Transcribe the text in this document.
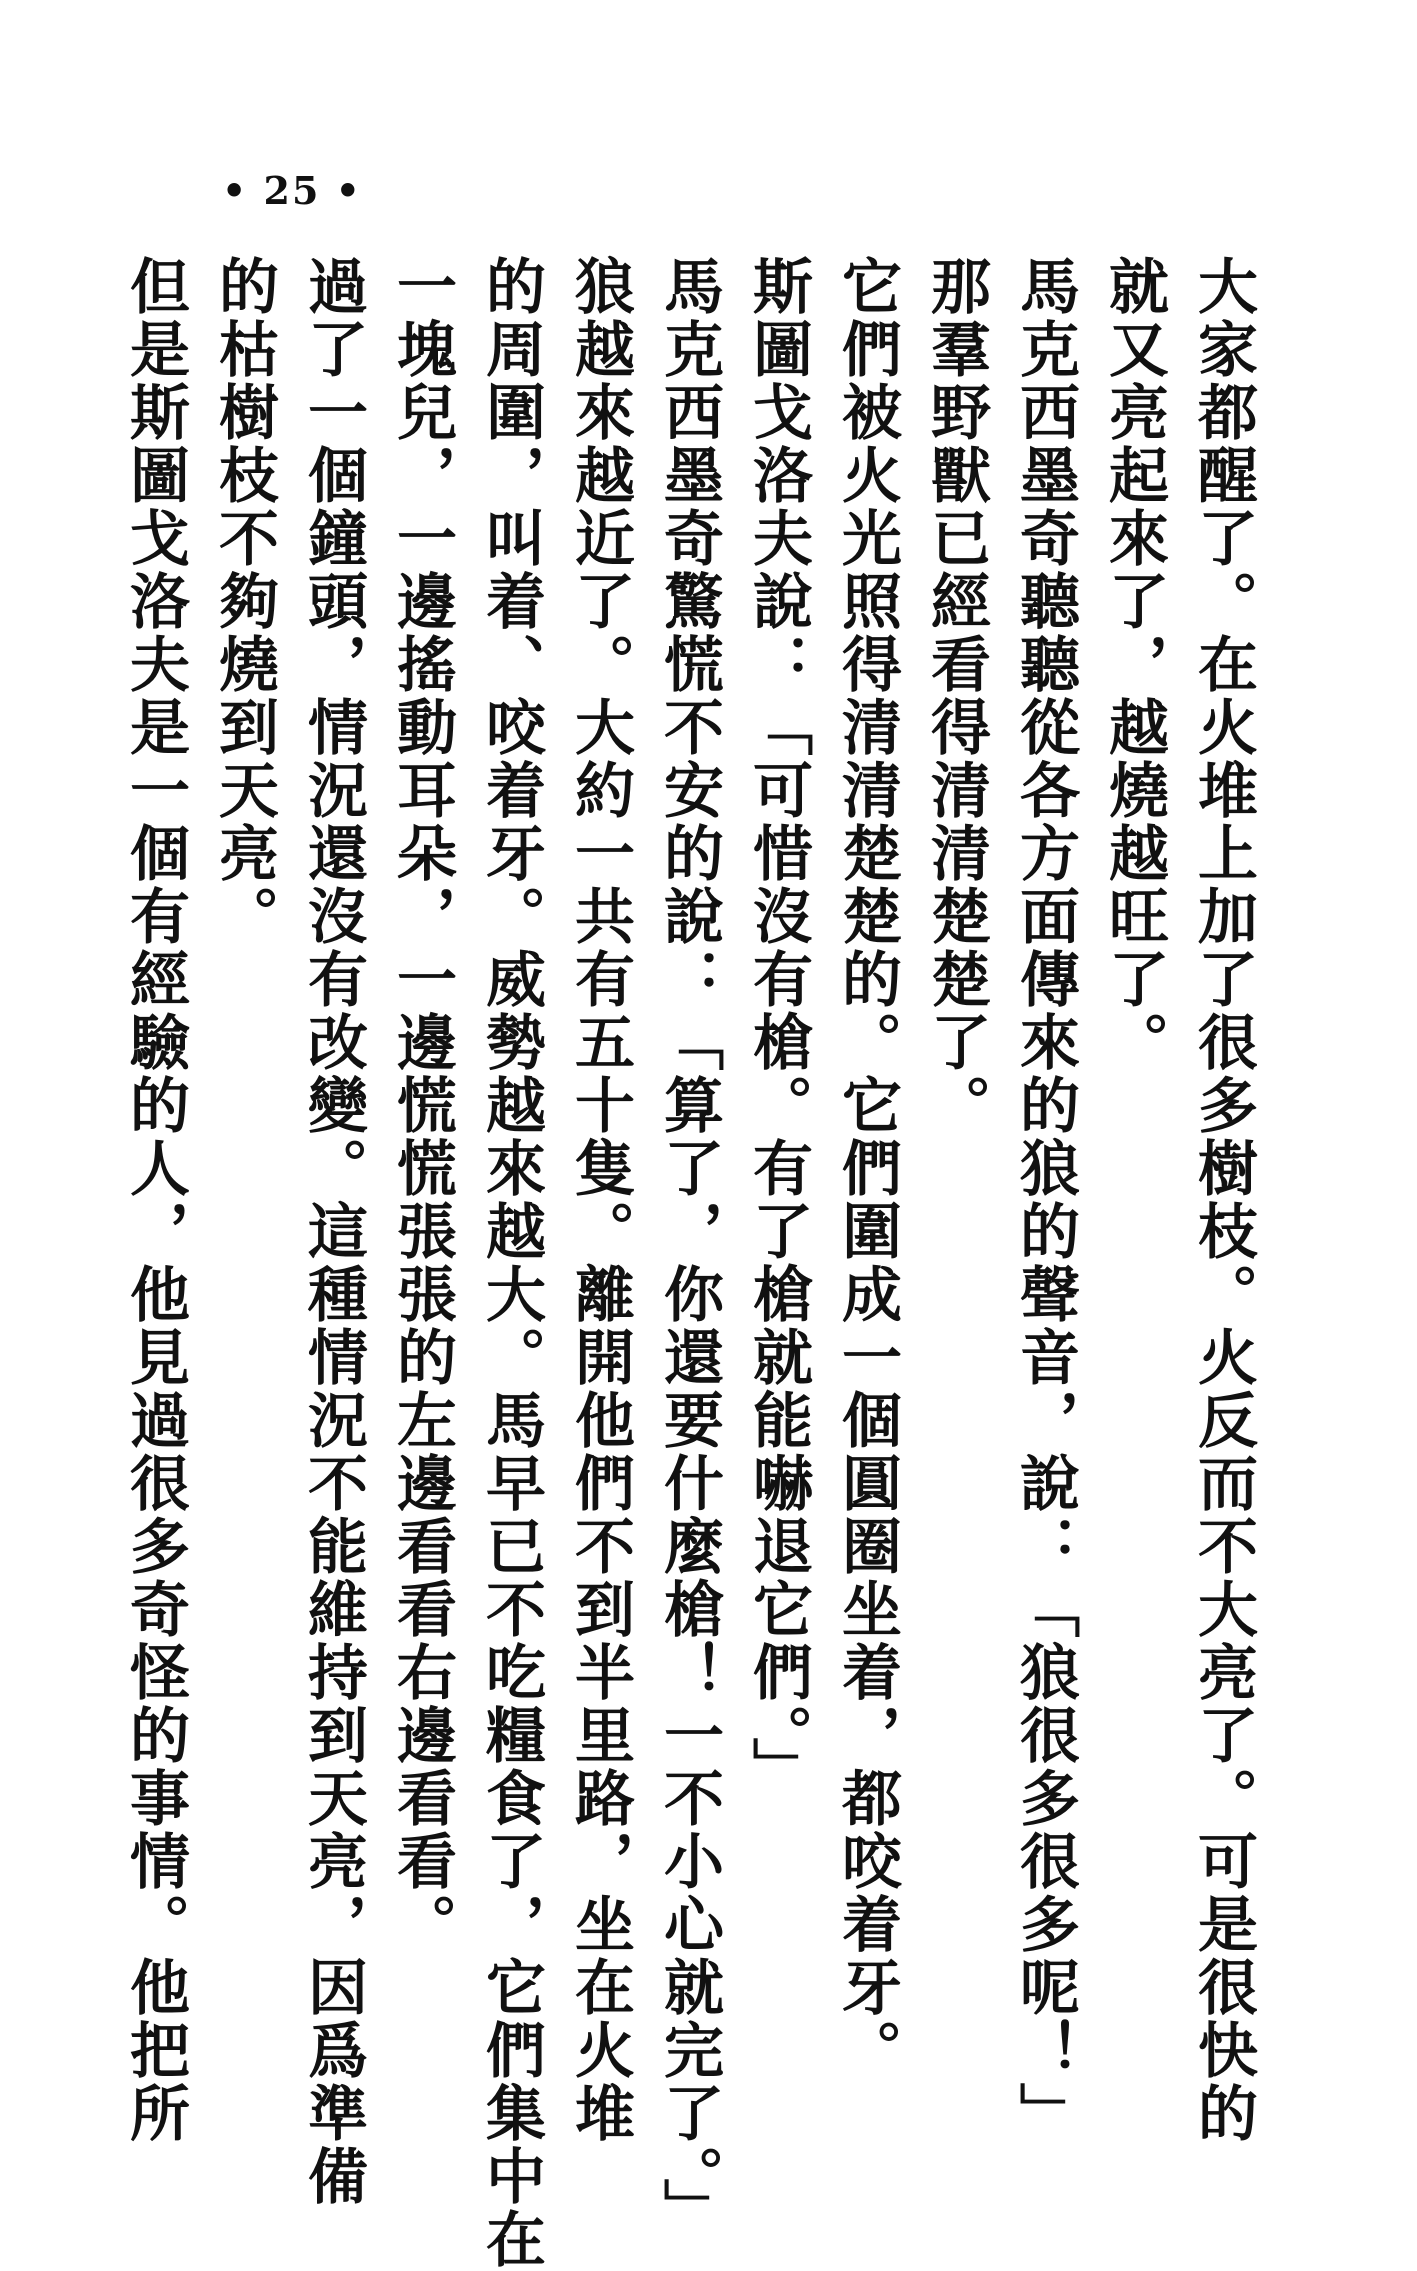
• 25 •
大家都醒了。在火堆上加了很多樹枝。火反而不大亮了。可是很快的
就又亮起來了，越燒越旺了。
馬克西墨奇聽聽從各方面傳來的狼的聲音，說：「狼很多很多呢！」
那羣野獸已經看得清清楚楚了。
它們被火光照得清清楚楚的。它們圍成一個圓圈坐着，都咬着牙。
斯圖戈洛夫說：「可惜沒有槍。有了槍就能嚇退它們。」
馬克西墨奇驚慌不安的說：「算了，你還要什麼槍！一不小心就完了。」
狼越來越近了。大約一共有五十隻。離開他們不到半里路，坐在火堆
的周圍，叫着、咬着牙。威勢越來越大。馬早已不吃糧食了，它們集中在
一塊兒，一邊搖動耳朵，一邊慌慌張張的左邊看看右邊看看。
過了一個鐘頭，情況還沒有改變。這種情況不能維持到天亮，因爲準備
的枯樹枝不夠燒到天亮。
但是斯圖戈洛夫是一個有經驗的人，他見過很多奇怪的事情。他把所
